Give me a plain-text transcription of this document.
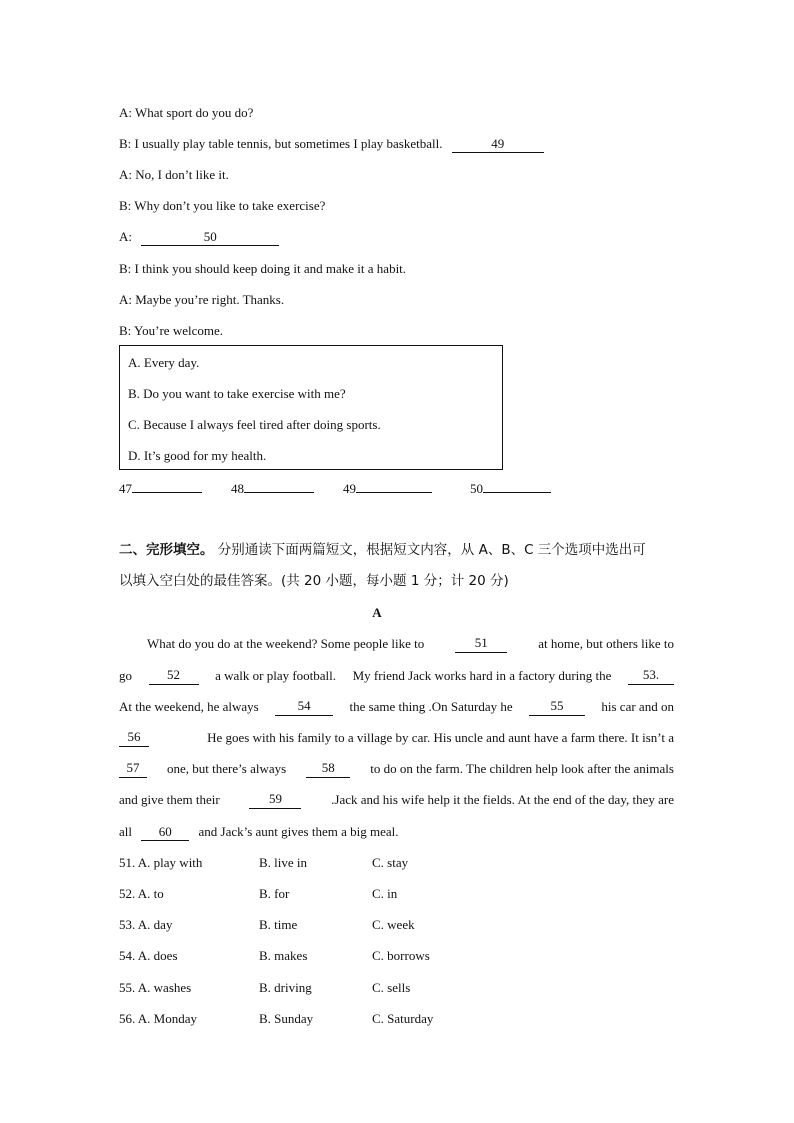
A: What sport do you do?
B: I usually play table tennis, but sometimes I play basketball.	49
A: No, I don’t like it.
B: Why don’t you like to take exercise?
A:	50
B: I think you should keep doing it and make it a habit.
A: Maybe you’re right. Thanks.
B: You’re welcome.
A. Every day.
B. Do you want to take exercise with me?
C. Because I always feel tired after doing sports.
D. It’s good for my health.
47	48	49	50
二、完形填空。 分别通读下面两篇短文，根据短文内容，从 A、B、C 三个选项中选出可
以填入空白处的最佳答案。(共 20 小题，每小题 1 分；计 20 分)
A
What do you do at the weekend? Some people like to	51	at home, but others like to
go	52	a walk or play football. My friend Jack works hard in a factory during the	53.
At the weekend, he always	54	the same thing .On Saturday he	55	his car and on
56	He goes with his family to a village by car. His uncle and aunt have a farm there. It isn’t a
57	one, but there’s always	58	to do on the farm. The children help look after the animals
and give them their	59	.Jack and his wife help it the fields. At the end of the day, they are
all 60 and Jack’s aunt gives them a big meal.
51. A. play with	B. live in	C. stay
52. A. to	B. for	C. in
53. A. day	B. time	C. week
54. A. does	B. makes	C. borrows
55. A. washes	B. driving	C. sells
56. A. Monday	B. Sunday	C. Saturday
